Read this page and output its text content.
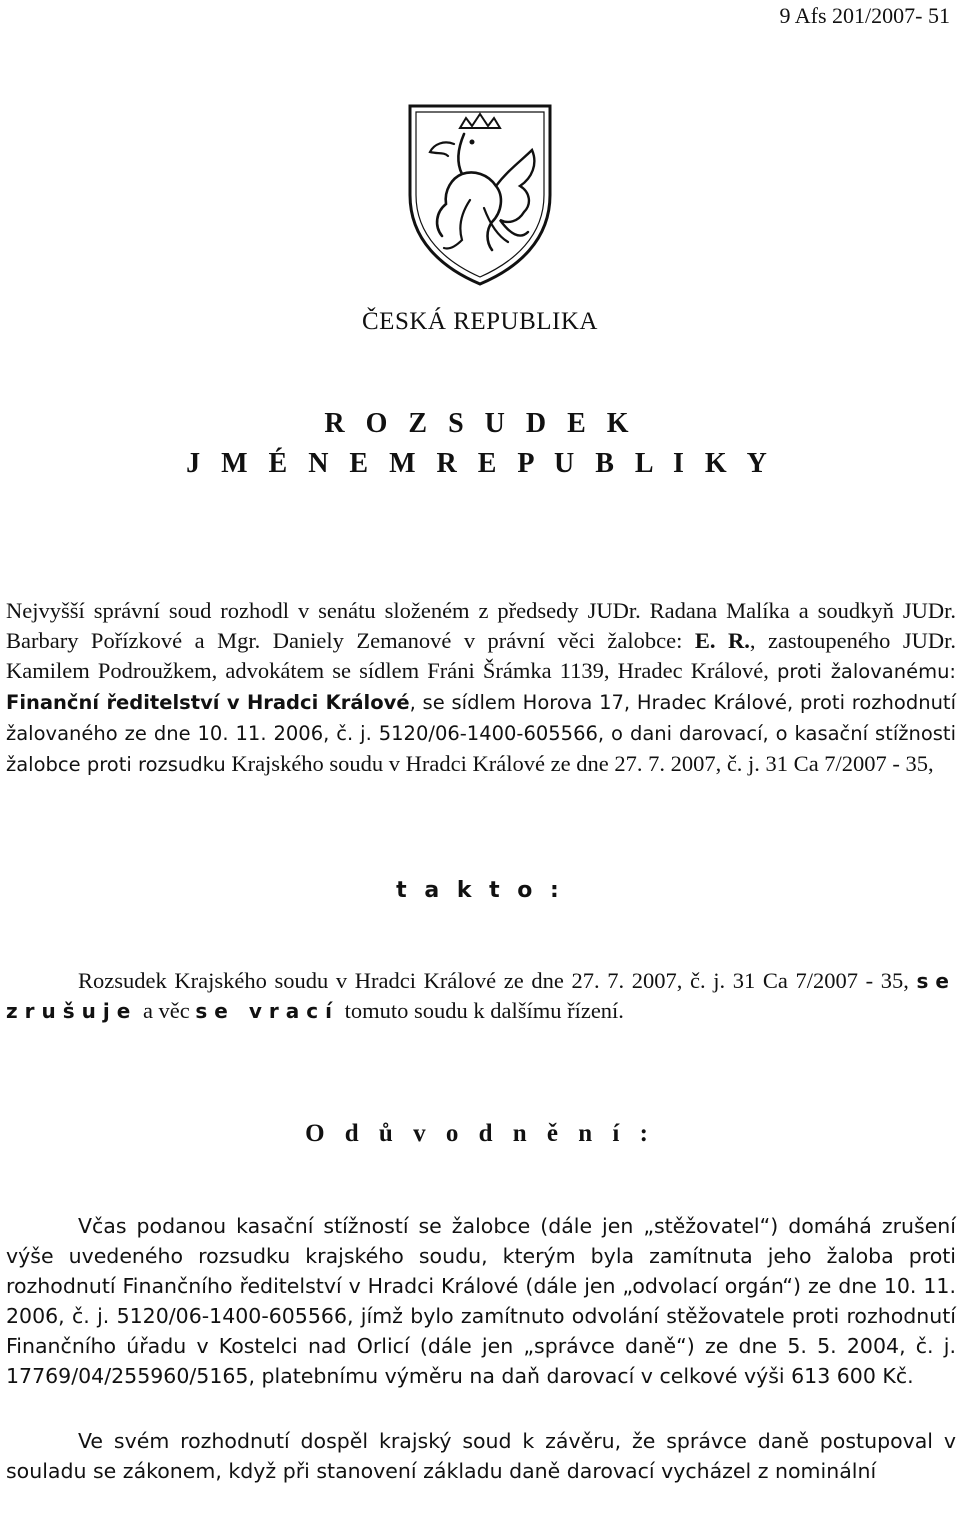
9 Afs 201/2007- 51
ČESKÁ REPUBLIKA
R O Z S U D E K
J M É N E M R E P U B L I K Y
Nejvyšší správní soud rozhodl v senátu složeném z předsedy JUDr. Radana Malíka a soudkyň JUDr. Barbary Pořízkové a Mgr. Daniely Zemanové v právní věci žalobce: E. R., zastoupeného JUDr. Kamilem Podroužkem, advokátem se sídlem Fráni Šrámka 1139, Hradec Králové, proti žalovanému: Finanční ředitelství v Hradci Králové, se sídlem Horova 17, Hradec Králové, proti rozhodnutí žalovaného ze dne 10. 11. 2006, č. j. 5120/06-1400-605566, o dani darovací, o kasační stížnosti žalobce proti rozsudku Krajského soudu v Hradci Králové ze dne 27. 7. 2007, č. j. 31 Ca 7/2007 - 35,
t a k t o :
Rozsudek Krajského soudu v Hradci Králové ze dne 27. 7. 2007, č. j. 31 Ca 7/2007 - 35, se zrušuje a věc se vrací tomuto soudu k dalšímu řízení.
O d ů v o d n ě n í :
Včas podanou kasační stížností se žalobce (dále jen „stěžovatel“) domáhá zrušení výše uvedeného rozsudku krajského soudu, kterým byla zamítnuta jeho žaloba proti rozhodnutí Finančního ředitelství v Hradci Králové (dále jen „odvolací orgán“) ze dne 10. 11. 2006, č. j. 5120/06-1400-605566, jímž bylo zamítnuto odvolání stěžovatele proti rozhodnutí Finančního úřadu v Kostelci nad Orlicí (dále jen „správce daně“) ze dne 5. 5. 2004, č. j. 17769/04/255960/5165, platebnímu výměru na daň darovací v celkové výši 613 600 Kč.
Ve svém rozhodnutí dospěl krajský soud k závěru, že správce daně postupoval v souladu se zákonem, když při stanovení základu daně darovací vycházel z nominální
